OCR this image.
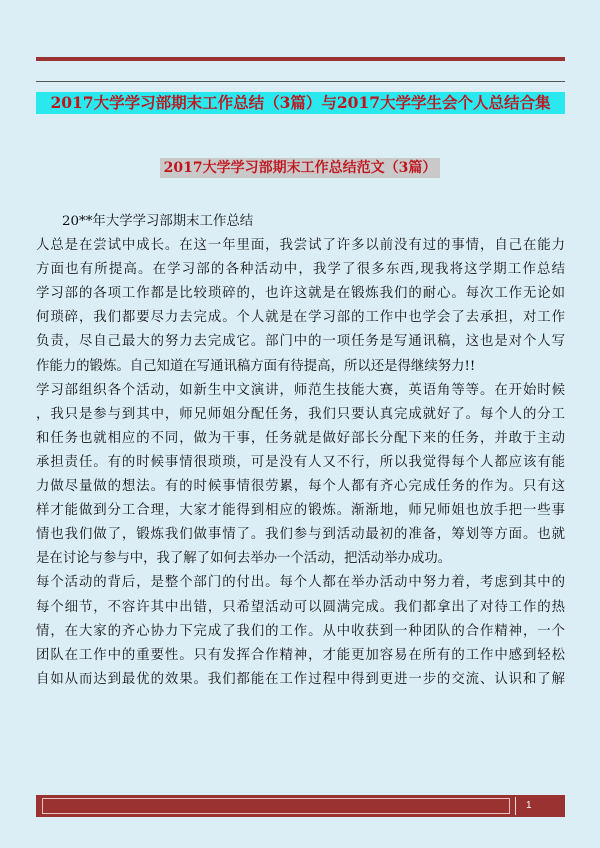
2017大学学习部期末工作总结（3篇）与2017大学学生会个人总结合集
2017大学学习部期末工作总结范文（3篇）
20**年大学学习部期末工作总结
人总是在尝试中成长。在这一年里面，我尝试了许多以前没有过的事情，自己在能力
方面也有所提高。在学习部的各种活动中，我学了很多东西,现我将这学期工作总结
学习部的各项工作都是比较琐碎的，也许这就是在锻炼我们的耐心。每次工作无论如
何琐碎，我们都要尽力去完成。个人就是在学习部的工作中也学会了去承担，对工作
负责，尽自己最大的努力去完成它。部门中的一项任务是写通讯稿，这也是对个人写
作能力的锻炼。自己知道在写通讯稿方面有待提高，所以还是得继续努力!!
学习部组织各个活动，如新生中文演讲，师范生技能大赛，英语角等等。在开始时候
，我只是参与到其中，师兄师姐分配任务，我们只要认真完成就好了。每个人的分工
和任务也就相应的不同，做为干事，任务就是做好部长分配下来的任务，并敢于主动
承担责任。有的时候事情很琐琐，可是没有人又不行，所以我觉得每个人都应该有能
力做尽量做的想法。有的时候事情很劳累，每个人都有齐心完成任务的作为。只有这
样才能做到分工合理，大家才能得到相应的锻炼。渐渐地，师兄师姐也放手把一些事
情也我们做了，锻炼我们做事情了。我们参与到活动最初的准备，筹划等方面。也就
是在讨论与参与中，我了解了如何去举办一个活动，把活动举办成功。
每个活动的背后，是整个部门的付出。每个人都在举办活动中努力着，考虑到其中的
每个细节，不容许其中出错，只希望活动可以圆满完成。我们都拿出了对待工作的热
情，在大家的齐心协力下完成了我们的工作。从中收获到一种团队的合作精神，一个
团队在工作中的重要性。只有发挥合作精神，才能更加容易在所有的工作中感到轻松
自如从而达到最优的效果。我们都能在工作过程中得到更进一步的交流、认识和了解
1
